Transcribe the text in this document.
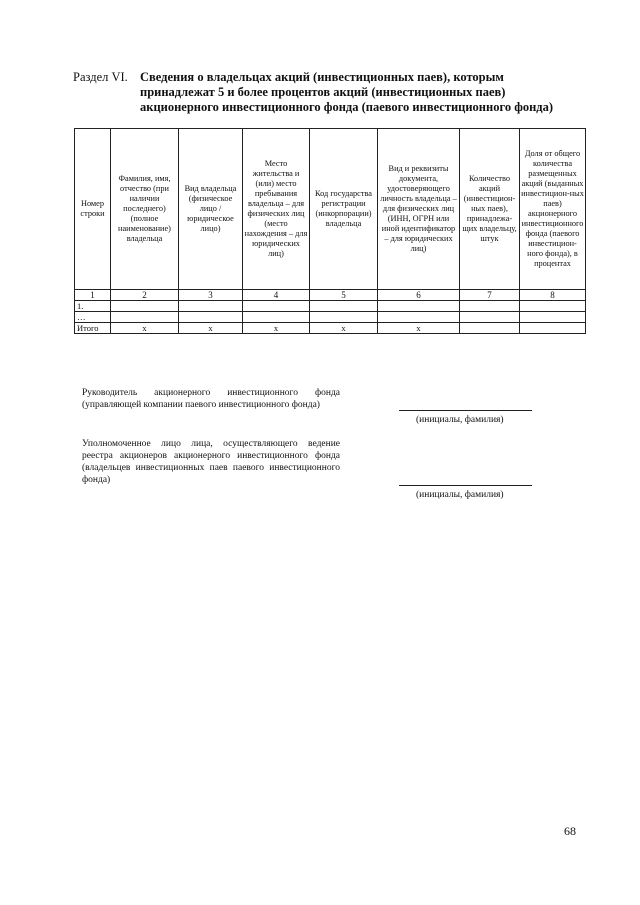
Раздел VI. Сведения о владельцах акций (инвестиционных паев), которым
принадлежат 5 и более процентов акций (инвестиционных паев)
акционерного инвестиционного фонда (паевого инвестиционного фонда)
Номер строки	Фамилия, имя, отчество (при наличии последнего) (полное наименование) владельца	Вид владельца (физическое лицо /юридическое лицо)	Место жительства и (или) место пребывания владельца – для физических лиц (место нахождения – для юридических лиц)	Код государства регистрации (инкорпорации) владельца	Вид и реквизиты документа, удостоверяющего личность владельца – для физических лиц (ИНН, ОГРН или иной идентификатор – для юридических лиц)	Количество акций (инвестицион-ных паев), принадлежа-щих владельцу, штук	Доля от общего количества размещенных акций (выданных инвестицион-ных паев) акционерного инвестиционного фонда (паевого инвестицион-ного фонда), в процентах
1	2	3	4	5	6	7	8
1.							
…							
Итого	x	x	x	x	x		
Руководитель акционерного инвестиционного фонда (управляющей компании паевого инвестиционного фонда)
(инициалы, фамилия)
Уполномоченное лицо лица, осуществляющего ведение реестра акционеров акционерного инвестиционного фонда (владельцев инвестиционных паев паевого инвестиционного фонда)
(инициалы, фамилия)
68
